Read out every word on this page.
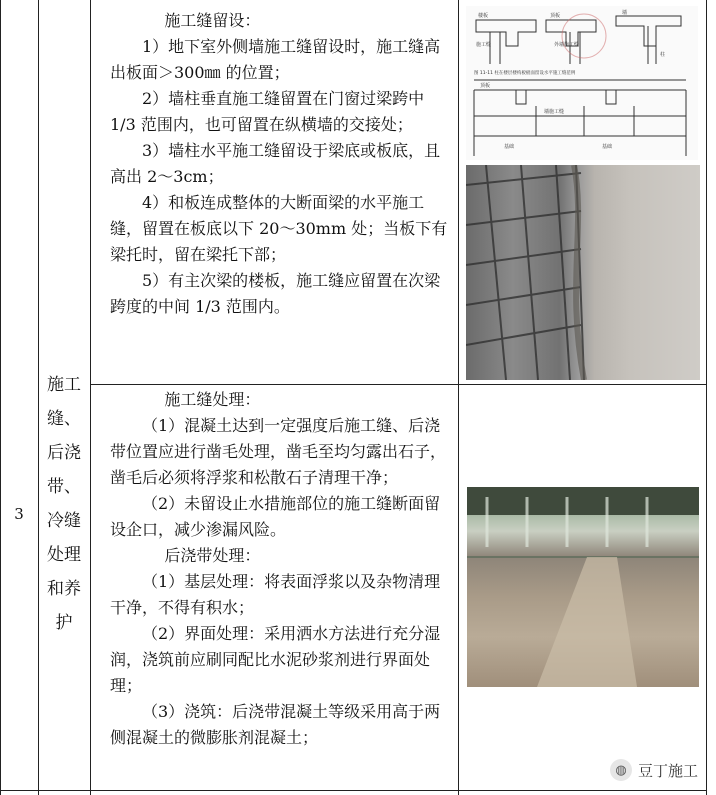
3
施工
缝、
后浇
带、
冷缝
处理
和养
护

施工缝留设：

1）地下室外侧墙施工缝留设时，施工缝高出板面＞300㎜ 的位置；

2）墙柱垂直施工缝留置在门窗过梁跨中 1/3 范围内，也可留置在纵横墙的交接处；

3）墙柱水平施工缝留设于梁底或板底，且高出 2～3cm；

4）和板连成整体的大断面梁的水平施工缝，留置在板底以下 20～30mm 处；当板下有梁托时，留在梁托下部；

5）有主次梁的楼板，施工缝应留置在次梁跨度的中间 1/3 范围内。

施工缝处理：

（1）混凝土达到一定强度后施工缝、后浇带位置应进行凿毛处理，凿毛至均匀露出石子，凿毛后必须将浮浆和松散石子清理干净；

（2）未留设止水措施部位的施工缝断面留设企口，减少渗漏风险。

后浇带处理：

（1）基层处理：将表面浮浆以及杂物清理干净，不得有积水；

（2）界面处理：采用洒水方法进行充分湿润，浇筑前应刷同配比水泥砂浆剂进行界面处理；

（3）浇筑：后浇带混凝土等级采用高于两侧混凝土的微膨胀剂混凝土；

楼板
施工缝
顶板
外墙施工缝
墙
柱
顶板
墙施工缝
基础	基础
图 11-11 柱在楼层楼构板板面留设水平施工缝范例
◍ 豆丁施工
